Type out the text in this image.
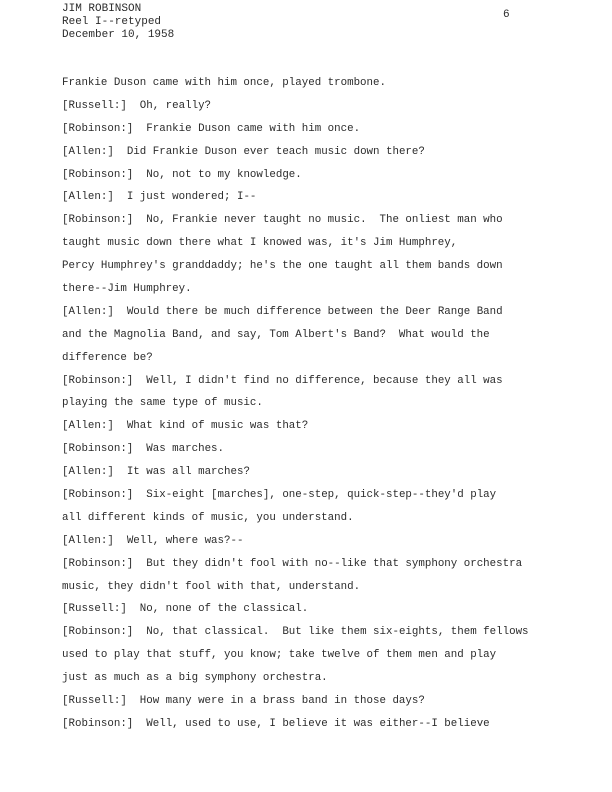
JIM ROBINSON
Reel I--retyped
December 10, 1958
6
Frankie Duson came with him once, played trombone.
[Russell:] Oh, really?
[Robinson:] Frankie Duson came with him once.
[Allen:] Did Frankie Duson ever teach music down there?
[Robinson:] No, not to my knowledge.
[Allen:] I just wondered; I--
[Robinson:] No, Frankie never taught no music.  The onliest man who
taught music down there what I knowed was, it's Jim Humphrey,
Percy Humphrey's granddaddy; he's the one taught all them bands down
there--Jim Humphrey.
[Allen:] Would there be much difference between the Deer Range Band
and the Magnolia Band, and say, Tom Albert's Band?  What would the
difference be?
[Robinson:] Well, I didn't find no difference, because they all was
playing the same type of music.
[Allen:] What kind of music was that?
[Robinson:] Was marches.
[Allen:] It was all marches?
[Robinson:] Six-eight [marches], one-step, quick-step--they'd play
all different kinds of music, you understand.
[Allen:] Well, where was?--
[Robinson:] But they didn't fool with no--like that symphony orchestra
music, they didn't fool with that, understand.
[Russell:] No, none of the classical.
[Robinson:] No, that classical.  But like them six-eights, them fellows
used to play that stuff, you know; take twelve of them men and play
just as much as a big symphony orchestra.
[Russell:] How many were in a brass band in those days?
[Robinson:] Well, used to use, I believe it was either--I believe
